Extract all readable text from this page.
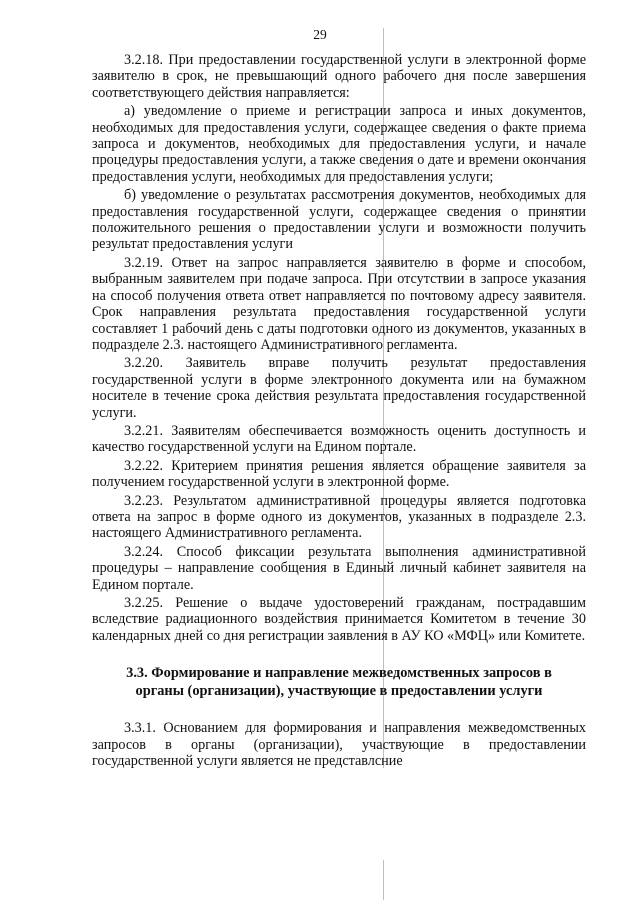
29

3.2.18. При предоставлении государственной услуги в электронной форме заявителю в срок, не превышающий одного рабочего дня после завершения соответствующего действия направляется:

а) уведомление о приеме и регистрации запроса и иных документов, необходимых для предоставления услуги, содержащее сведения о факте приема запроса и документов, необходимых для предоставления услуги, и начале процедуры предоставления услуги, а также сведения о дате и времени окончания предоставления услуги, необходимых для предоставления услуги;

б) уведомление о результатах рассмотрения документов, необходимых для предоставления государственной услуги, содержащее сведения о принятии положительного решения о предоставлении услуги и возможности получить результат предоставления услуги

3.2.19. Ответ на запрос направляется заявителю в форме и способом, выбранным заявителем при подаче запроса. При отсутствии в запросе указания на способ получения ответа ответ направляется по почтовому адресу заявителя. Срок направления результата предоставления государственной услуги составляет 1 рабочий день с даты подготовки одного из документов, указанных в подразделе 2.3. настоящего Административного регламента.

3.2.20. Заявитель вправе получить результат предоставления государственной услуги в форме электронного документа или на бумажном носителе в течение срока действия результата предоставления государственной услуги.

3.2.21. Заявителям обеспечивается возможность оценить доступность и качество государственной услуги на Едином портале.

3.2.22. Критерием принятия решения является обращение заявителя за получением государственной услуги в электронной форме.

3.2.23. Результатом административной процедуры является подготовка ответа на запрос в форме одного из документов, указанных в подразделе 2.3. настоящего Административного регламента.

3.2.24. Способ фиксации результата выполнения административной процедуры – направление сообщения в Единый личный кабинет заявителя на Едином портале.

3.2.25. Решение о выдаче удостоверений гражданам, пострадавшим вследствие радиационного воздействия принимается Комитетом в течение 30 календарных дней со дня регистрации заявления в АУ КО «МФЦ» или Комитете.

3.3. Формирование и направление межведомственных запросов в органы (организации), участвующие в предоставлении услуги

3.3.1. Основанием для формирования и направления межведомственных запросов в органы (организации), участвующие в предоставлении государственной услуги является не представлсние
